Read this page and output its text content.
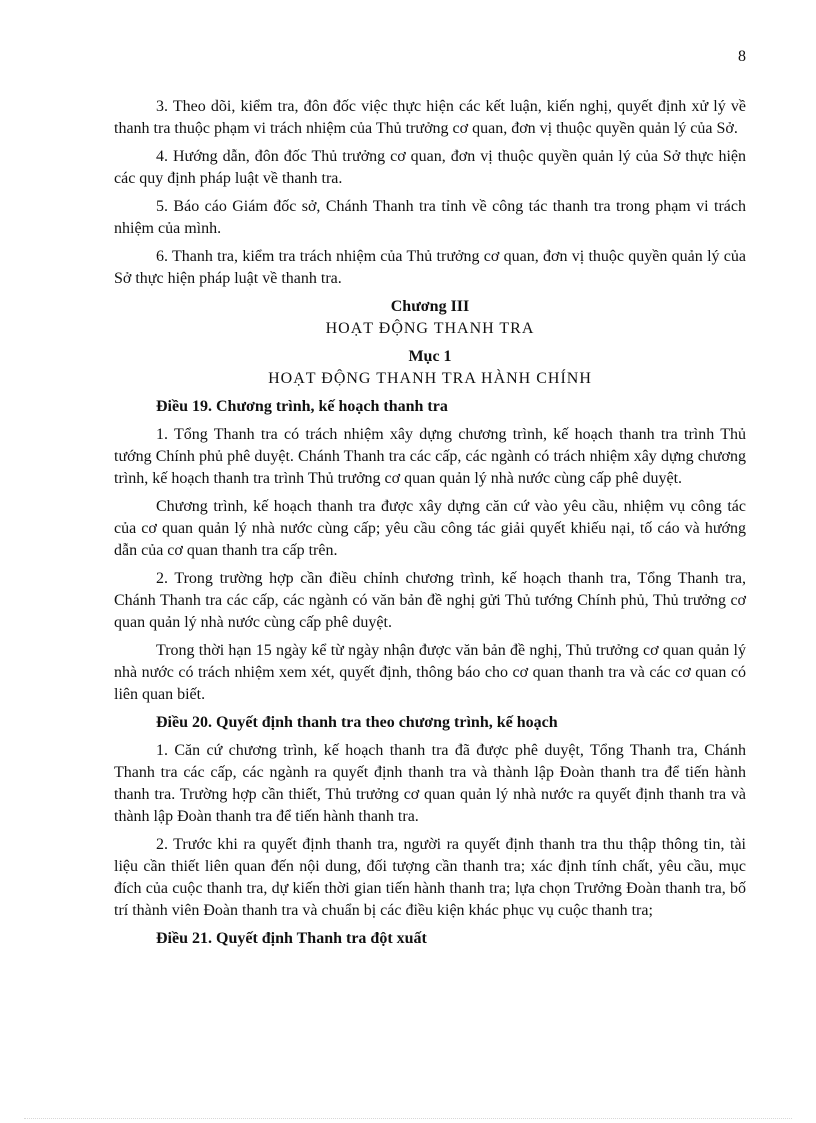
8

3. Theo dõi, kiểm tra, đôn đốc việc thực hiện các kết luận, kiến nghị, quyết định xử lý về thanh tra thuộc phạm vi trách nhiệm của Thủ trưởng cơ quan, đơn vị thuộc quyền quản lý của Sở.

4. Hướng dẫn, đôn đốc Thủ trưởng cơ quan, đơn vị thuộc quyền quản lý của Sở thực hiện các quy định pháp luật về thanh tra.

5. Báo cáo Giám đốc sở, Chánh Thanh tra tỉnh về công tác thanh tra trong phạm vi trách nhiệm của mình.

6. Thanh tra, kiểm tra trách nhiệm của Thủ trưởng cơ quan, đơn vị thuộc quyền quản lý của Sở thực hiện pháp luật về thanh tra.

Chương III

HOẠT ĐỘNG THANH TRA

Mục 1

HOẠT ĐỘNG THANH TRA HÀNH CHÍNH

Điều 19. Chương trình, kế hoạch thanh tra

1. Tổng Thanh tra có trách nhiệm xây dựng chương trình, kế hoạch thanh tra trình Thủ tướng Chính phủ phê duyệt. Chánh Thanh tra các cấp, các ngành có trách nhiệm xây dựng chương trình, kế hoạch thanh tra trình Thủ trưởng cơ quan quản lý nhà nước cùng cấp phê duyệt.

Chương trình, kế hoạch thanh tra được xây dựng căn cứ vào yêu cầu, nhiệm vụ công tác của cơ quan quản lý nhà nước cùng cấp; yêu cầu công tác giải quyết khiếu nại, tố cáo và hướng dẫn của cơ quan thanh tra cấp trên.

2. Trong trường hợp cần điều chỉnh chương trình, kế hoạch thanh tra, Tổng Thanh tra, Chánh Thanh tra các cấp, các ngành có văn bản đề nghị gửi Thủ tướng Chính phủ, Thủ trưởng cơ quan quản lý nhà nước cùng cấp phê duyệt.

Trong thời hạn 15 ngày kể từ ngày nhận được văn bản đề nghị, Thủ trưởng cơ quan quản lý nhà nước có trách nhiệm xem xét, quyết định, thông báo cho cơ quan thanh tra và các cơ quan có liên quan biết.

Điều 20. Quyết định thanh tra theo chương trình, kế hoạch

1. Căn cứ chương trình, kế hoạch thanh tra đã được phê duyệt, Tổng Thanh tra, Chánh Thanh tra các cấp, các ngành ra quyết định thanh tra và thành lập Đoàn thanh tra để tiến hành thanh tra. Trường hợp cần thiết, Thủ trưởng cơ quan quản lý nhà nước ra quyết định thanh tra và thành lập Đoàn thanh tra để tiến hành thanh tra.

2. Trước khi ra quyết định thanh tra, người ra quyết định thanh tra thu thập thông tin, tài liệu cần thiết liên quan đến nội dung, đối tượng cần thanh tra; xác định tính chất, yêu cầu, mục đích của cuộc thanh tra, dự kiến thời gian tiến hành thanh tra; lựa chọn Trưởng Đoàn thanh tra, bố trí thành viên Đoàn thanh tra và chuẩn bị các điều kiện khác phục vụ cuộc thanh tra;

Điều 21. Quyết định Thanh tra đột xuất
